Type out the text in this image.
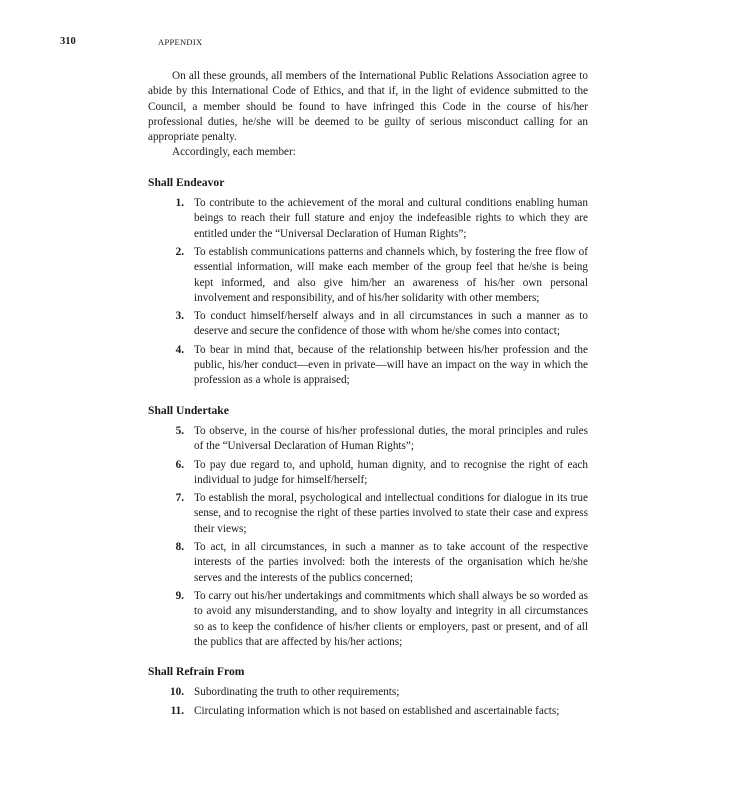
310	APPENDIX

On all these grounds, all members of the International Public Relations Association agree to abide by this International Code of Ethics, and that if, in the light of evidence submitted to the Council, a member should be found to have infringed this Code in the course of his/her professional duties, he/she will be deemed to be guilty of serious misconduct calling for an appropriate penalty.

Accordingly, each member:

Shall Endeavor
1. To contribute to the achievement of the moral and cultural conditions enabling human beings to reach their full stature and enjoy the indefeasible rights to which they are entitled under the “Universal Declaration of Human Rights”;
2. To establish communications patterns and channels which, by fostering the free flow of essential information, will make each member of the group feel that he/she is being kept informed, and also give him/her an awareness of his/her own personal involvement and responsibility, and of his/her solidarity with other members;
3. To conduct himself/herself always and in all circumstances in such a manner as to deserve and secure the confidence of those with whom he/she comes into contact;
4. To bear in mind that, because of the relationship between his/her profession and the public, his/her conduct—even in private—will have an impact on the way in which the profession as a whole is appraised;
Shall Undertake
5. To observe, in the course of his/her professional duties, the moral principles and rules of the “Universal Declaration of Human Rights”;
6. To pay due regard to, and uphold, human dignity, and to recognise the right of each individual to judge for himself/herself;
7. To establish the moral, psychological and intellectual conditions for dialogue in its true sense, and to recognise the right of these parties involved to state their case and express their views;
8. To act, in all circumstances, in such a manner as to take account of the respective interests of the parties involved: both the interests of the organisation which he/she serves and the interests of the publics concerned;
9. To carry out his/her undertakings and commitments which shall always be so worded as to avoid any misunderstanding, and to show loyalty and integrity in all circumstances so as to keep the confidence of his/her clients or employers, past or present, and of all the publics that are affected by his/her actions;
Shall Refrain From
10. Subordinating the truth to other requirements;
11. Circulating information which is not based on established and ascertainable facts;
